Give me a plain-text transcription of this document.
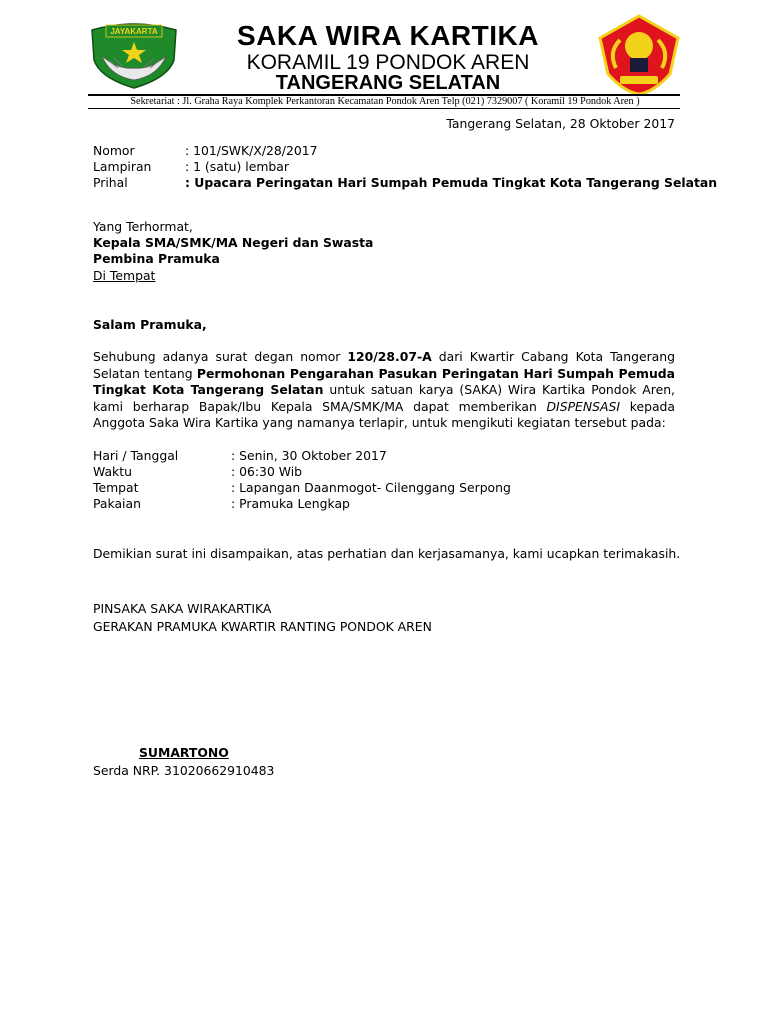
JAYAKARTA	SAKA WIRA KARTIKA
KORAMIL 19 PONDOK AREN
TANGERANG SELATAN
Sekretariat : Jl. Graha Raya Komplek Perkantoran Kecamatan Pondok Aren Telp (021) 7329007 ( Koramil 19 Pondok Aren )
Tangerang Selatan, 28 Oktober 2017
Nomor	: 101/SWK/X/28/2017
Lampiran	: 1 (satu) lembar
Prihal	: Upacara Peringatan Hari Sumpah Pemuda Tingkat Kota Tangerang Selatan
Yang Terhormat,
Kepala SMA/SMK/MA Negeri dan Swasta
Pembina Pramuka
Di Tempat
Salam Pramuka,
Sehubung adanya surat degan nomor 120/28.07-A dari Kwartir Cabang Kota Tangerang Selatan tentang Permohonan Pengarahan Pasukan Peringatan Hari Sumpah Pemuda Tingkat Kota Tangerang Selatan untuk satuan karya (SAKA) Wira Kartika Pondok Aren, kami berharap Bapak/Ibu Kepala SMA/SMK/MA dapat memberikan DISPENSASI kepada Anggota Saka Wira Kartika yang namanya terlapir, untuk mengikuti kegiatan tersebut pada:
Hari / Tanggal	: Senin, 30 Oktober 2017
Waktu	: 06:30 Wib
Tempat	: Lapangan Daanmogot- Cilenggang Serpong
Pakaian	: Pramuka Lengkap
Demikian surat ini disampaikan, atas perhatian dan kerjasamanya, kami ucapkan terimakasih.
PINSAKA SAKA WIRAKARTIKA
GERAKAN PRAMUKA KWARTIR RANTING PONDOK AREN
SUMARTONO
Serda NRP. 31020662910483
